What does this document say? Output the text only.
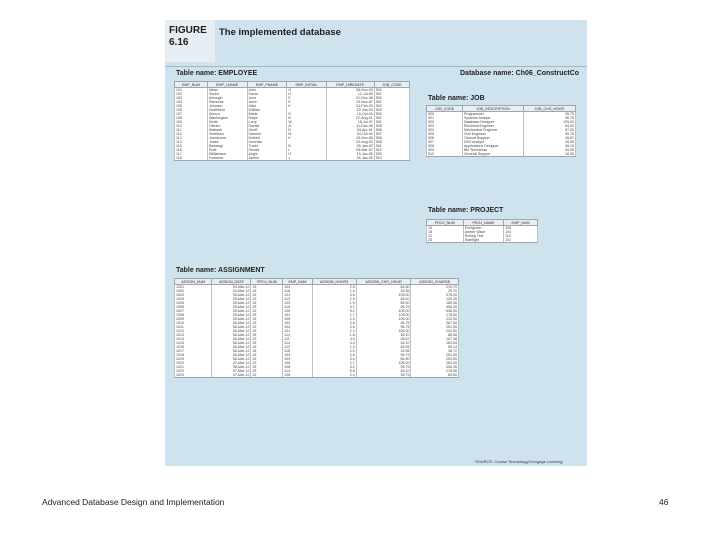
FIGURE
6.16
The implemented database
Table name: EMPLOYEE	Database name: Ch06_ConstructCo
EMP_NUM	EMP_LNAME	EMP_FNAME	EMP_INITIAL	EMP_HIREDATE	JOB_CODE
101	News	John	G	08-Nov-00	502
102	Senior	David	H	12-Jul-89	501
103	Arbough	June	E	01-Dec-96	500
104	Ramoras	Anne	K	15-Nov-87	501
105	Johnson	Alice	K	01-Feb-93	502
106	Smithfield	William		22-Jun-04	500
107	Alonzo	Maria	D	10-Oct-93	500
108	Washington	Ralph	B	22-Aug-91	501
109	Smith	Larry	W	18-Jul-97	501
110	Olenko	Gerald	A	11-Dec-95	505
111	Wabash	Geoff	B	04-Apr-91	506
112	Smithson	Darlene	M	23-Oct-94	507
113	Joenbrood	Delbert	K	15-Nov-96	508
114	Jones	Annelise		20-Aug-93	508
115	Bawangi	Travis	B	25-Jan-92	501
116	Pratt	Gerald	L	05-Mar-97	510
117	Williamson	Angie	H	19-Jun-96	509
118	Frommer	James	J	04-Jan-05	510
Table name: JOB
JOB_CODE	JOB_DESCRIPTION	JOB_CHG_HOUR
500	Programmer	35.75
501	Systems Analyst	96.75
502	Database Designer	105.00
503	Electrical Engineer	84.50
504	Mechanical Engineer	67.90
505	Civil Engineer	55.78
506	Clerical Support	26.87
507	DSS Analyst	45.95
508	Applications Designer	48.10
509	Bio Technician	34.55
510	General Support	18.36
Table name: PROJECT
PROJ_NUM	PROJ_NAME	EMP_NUM
15	Evergreen	105
18	Amber Wave	104
22	Rolling Tide	113
25	Starflight	101
Table name: ASSIGNMENT
ASSIGN_NUM	ASSIGN_DATE	PROJ_NUM	EMP_NUM	ASSIGN_HOURS	ASSIGN_CHG_HOUR	ASSIGN_CHARGE
1001	04-Mar-12	15	103	2.6	84.50	219.70
1002	04-Mar-12	18	118	1.4	18.36	25.70
1003	05-Mar-12	15	101	3.6	105.00	378.00
1004	05-Mar-12	22	113	2.5	48.10	120.25
1005	05-Mar-12	15	103	1.9	84.50	160.55
1006	05-Mar-12	25	115	4.2	96.75	406.35
1007	05-Mar-12	22	105	5.2	105.00	546.00
1008	05-Mar-12	25	101	1.7	105.00	178.50
1009	05-Mar-12	15	105	2.0	105.00	210.00
1010	06-Mar-12	15	102	3.8	96.75	367.65
1011	06-Mar-12	22	104	2.6	96.75	251.55
1012	06-Mar-12	15	101	2.3	105.00	241.50
1013	06-Mar-12	25	114	1.8	48.10	86.58
1014	06-Mar-12	22	111	4.0	26.87	107.48
1015	06-Mar-12	25	114	3.4	48.10	163.54
1016	06-Mar-12	18	112	1.2	45.95	55.14
1017	06-Mar-12	18	118	2.0	18.36	36.72
1018	06-Mar-12	18	104	2.6	96.75	251.55
1019	06-Mar-12	15	103	3.0	84.50	253.50
1020	07-Mar-12	22	105	2.7	105.00	283.50
1021	08-Mar-12	25	108	4.2	96.75	406.35
1022	07-Mar-12	25	114	5.8	48.10	278.98
1023	07-Mar-12	22	106	2.4	35.75	85.80
SOURCE: Course Technology/Cengage Learning
Advanced Database Design and Implementation	46
